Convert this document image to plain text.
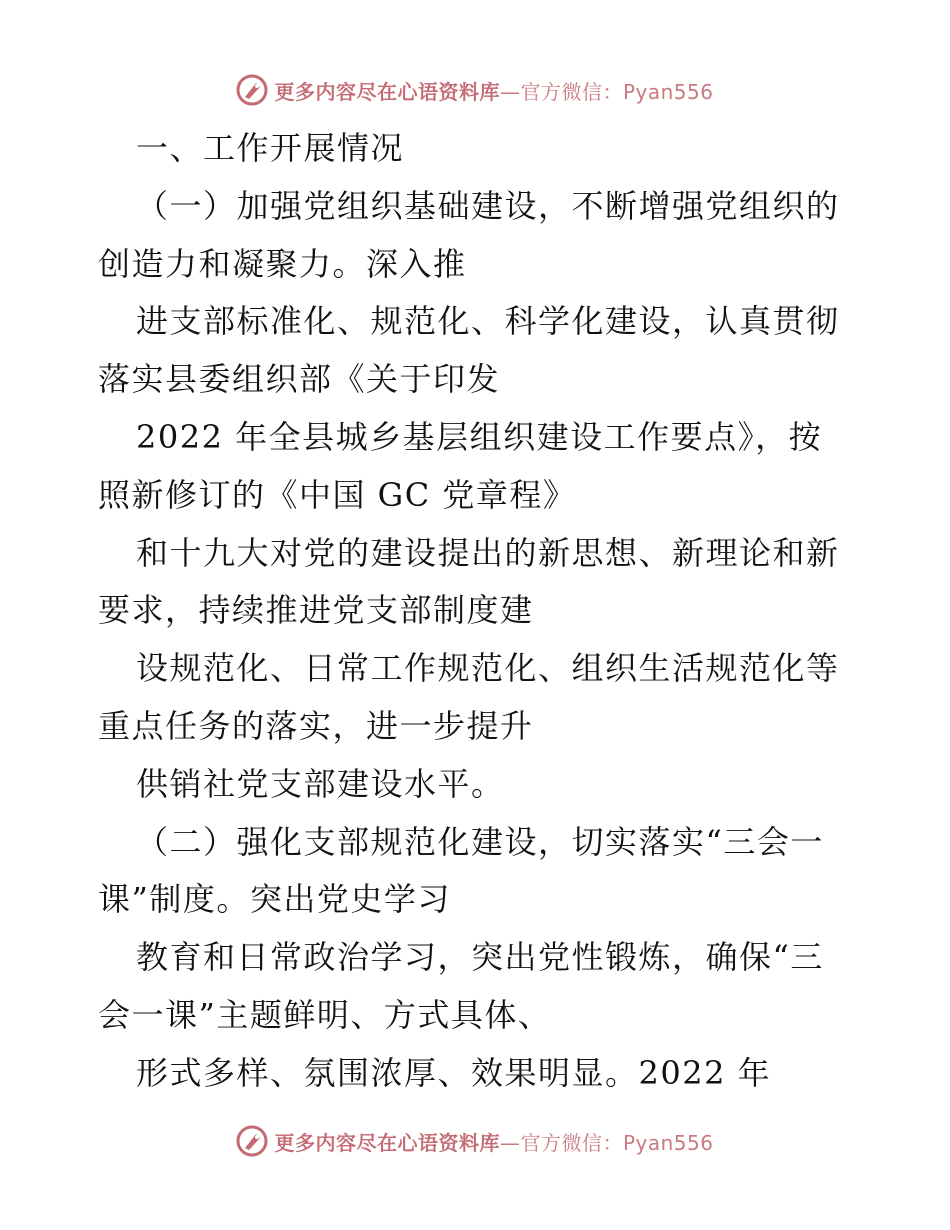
更多内容尽在心语资料库—官方微信：Pyan556
一、工作开展情况
（一）加强党组织基础建设，不断增强党组织的
创造力和凝聚力。深入推
进支部标准化、规范化、科学化建设，认真贯彻
落实县委组织部《关于印发
2022 年全县城乡基层组织建设工作要点》，按
照新修订的《中国 GC 党章程》
和十九大对党的建设提出的新思想、新理论和新
要求，持续推进党支部制度建
设规范化、日常工作规范化、组织生活规范化等
重点任务的落实，进一步提升
供销社党支部建设水平。
（二）强化支部规范化建设，切实落实“三会一
课”制度。突出党史学习
教育和日常政治学习，突出党性锻炼，确保“三
会一课”主题鲜明、方式具体、
形式多样、氛围浓厚、效果明显。2022 年
更多内容尽在心语资料库—官方微信：Pyan556
